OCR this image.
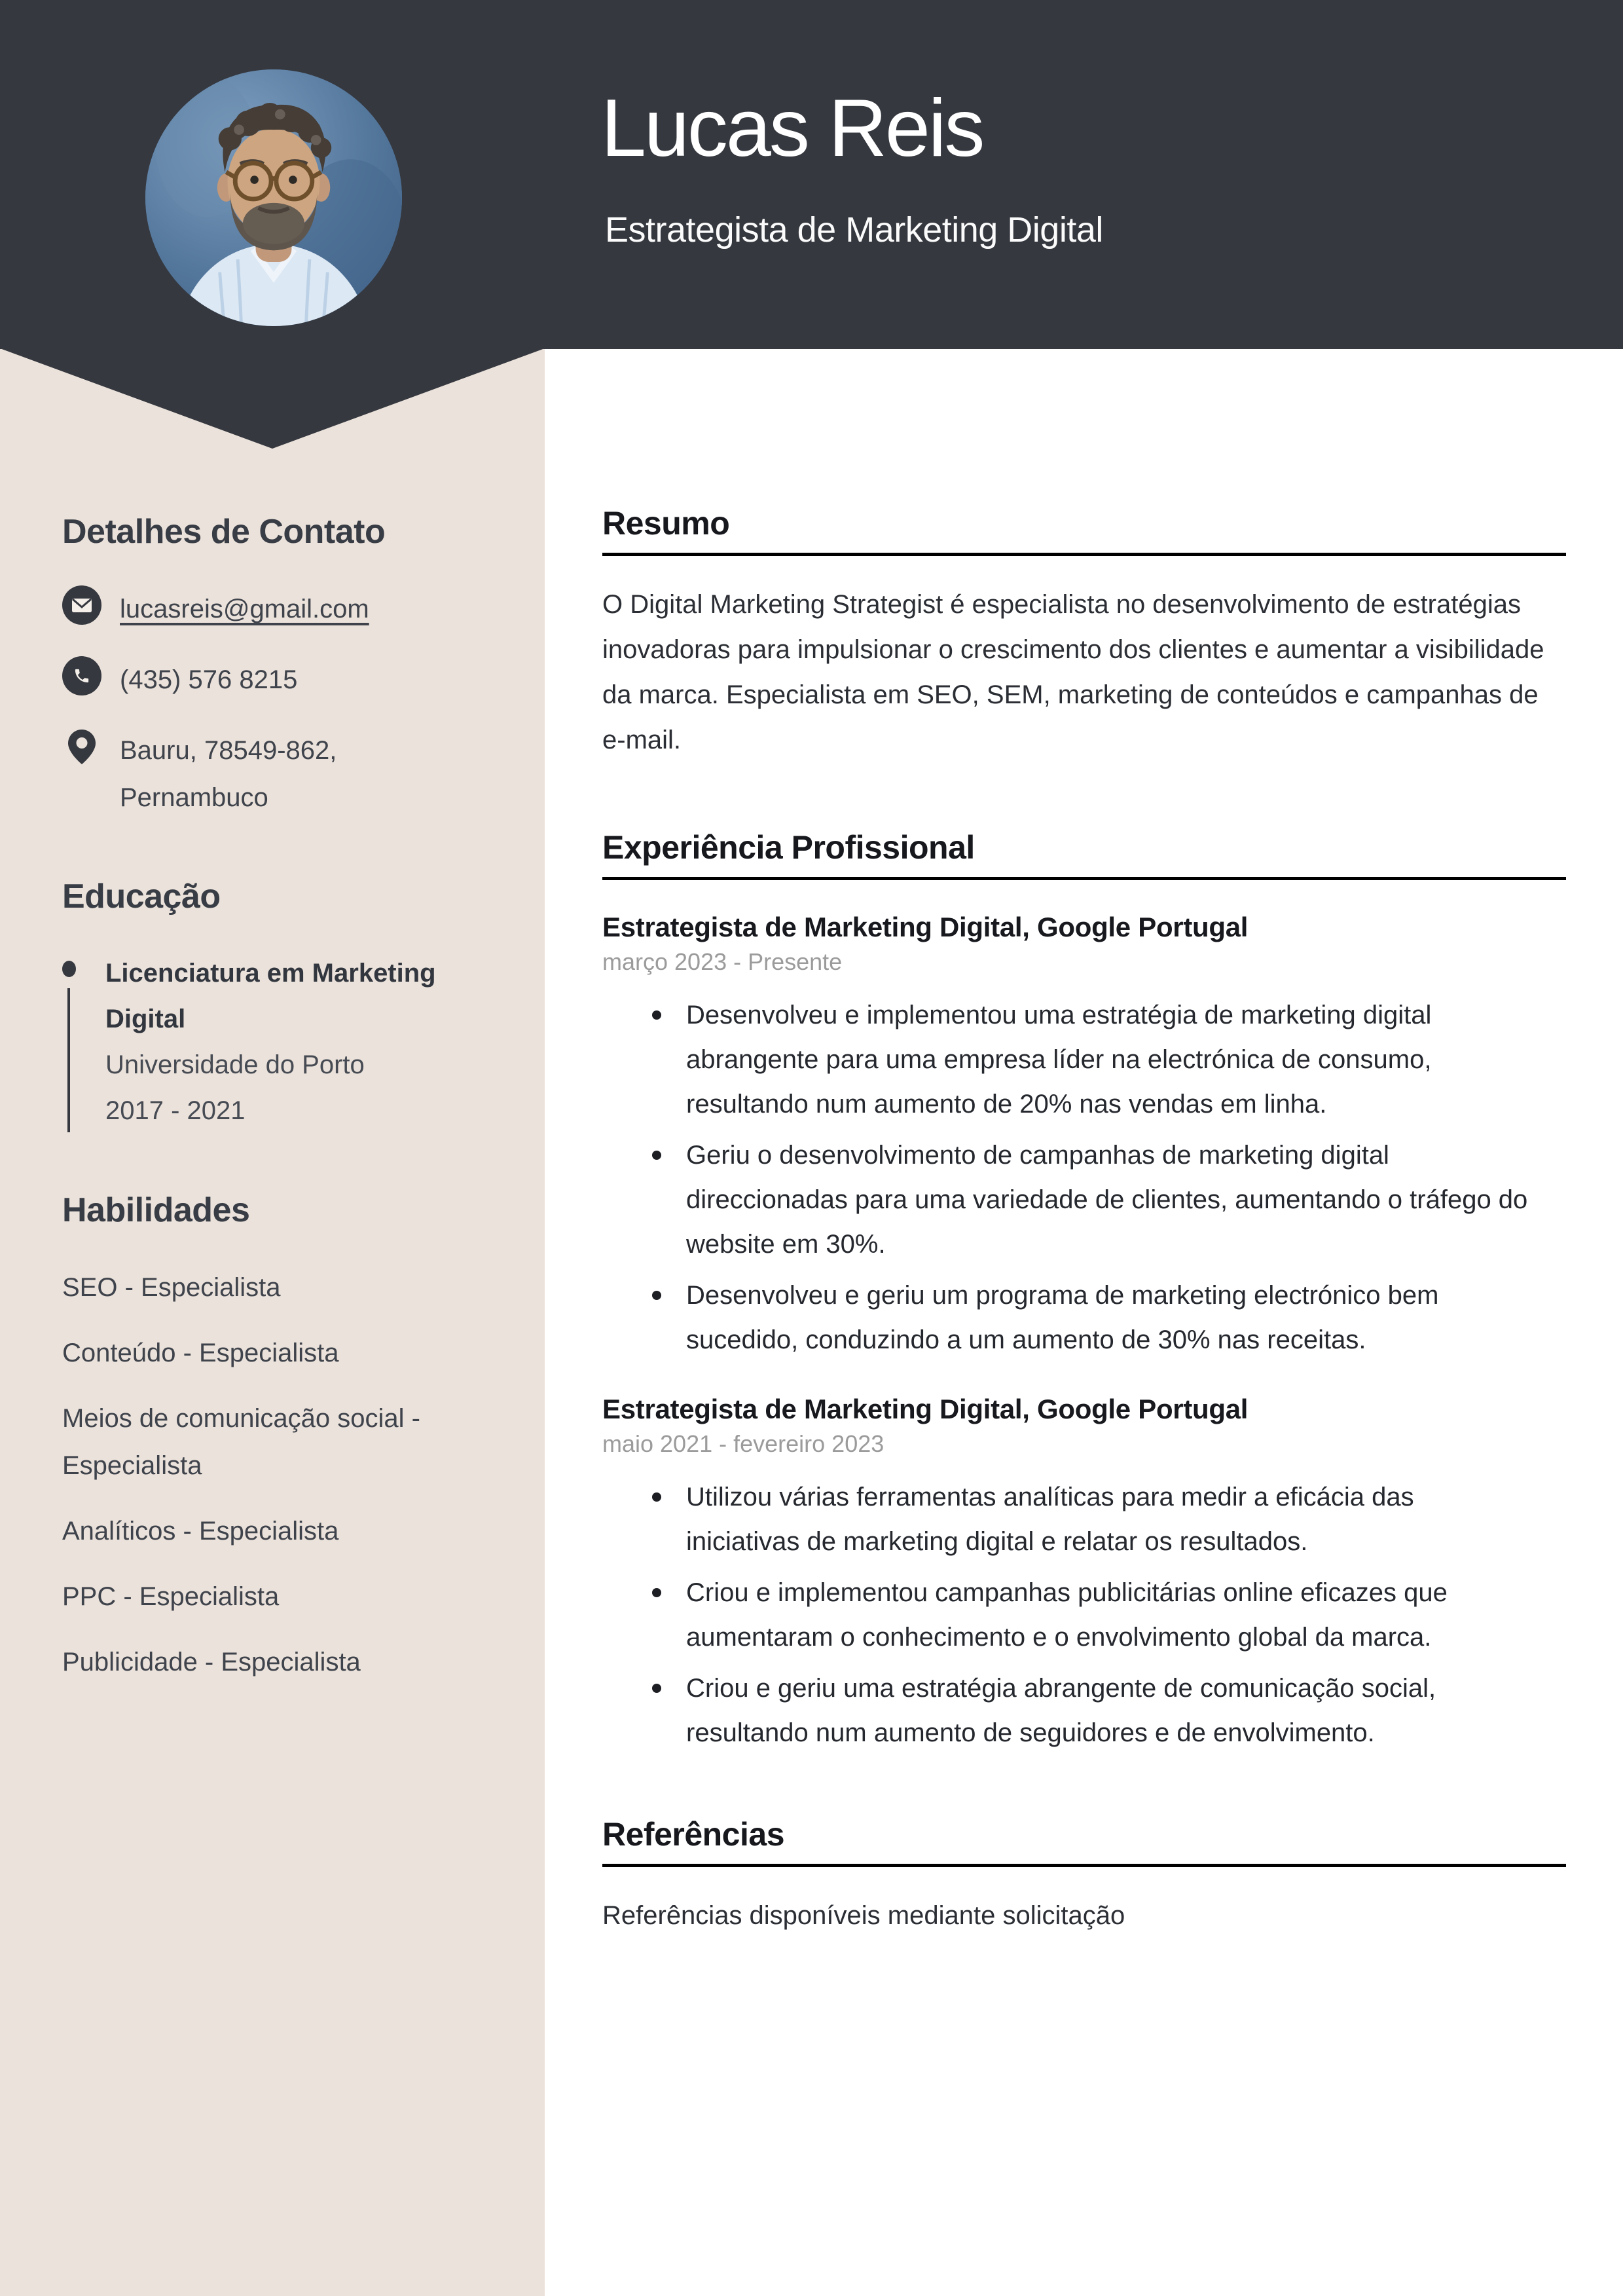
Lucas Reis
Estrategista de Marketing Digital
Detalhes de Contato
lucasreis@gmail.com
(435) 576 8215
Bauru, 78549-862, Pernambuco
Educação
Licenciatura em Marketing Digital
Universidade do Porto
2017 - 2021
Habilidades
SEO - Especialista
Conteúdo - Especialista
Meios de comunicação social - Especialista
Analíticos - Especialista
PPC - Especialista
Publicidade - Especialista
Resumo

O Digital Marketing Strategist é especialista no desenvolvimento de estratégias inovadoras para impulsionar o crescimento dos clientes e aumentar a visibilidade da marca. Especialista em SEO, SEM, marketing de conteúdos e campanhas de e-mail.

Experiência Profissional
Estrategista de Marketing Digital, Google Portugal
março 2023 - Presente
Desenvolveu e implementou uma estratégia de marketing digital abrangente para uma empresa líder na electrónica de consumo, resultando num aumento de 20% nas vendas em linha.
Geriu o desenvolvimento de campanhas de marketing digital direccionadas para uma variedade de clientes, aumentando o tráfego do website em 30%.
Desenvolveu e geriu um programa de marketing electrónico bem sucedido, conduzindo a um aumento de 30% nas receitas.
Estrategista de Marketing Digital, Google Portugal
maio 2021 - fevereiro 2023
Utilizou várias ferramentas analíticas para medir a eficácia das iniciativas de marketing digital e relatar os resultados.
Criou e implementou campanhas publicitárias online eficazes que aumentaram o conhecimento e o envolvimento global da marca.
Criou e geriu uma estratégia abrangente de comunicação social, resultando num aumento de seguidores e de envolvimento.
Referências

Referências disponíveis mediante solicitação
